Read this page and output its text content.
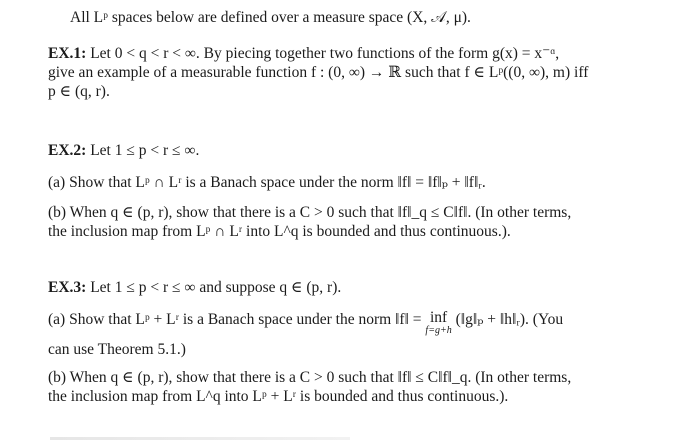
All Lᵖ spaces below are defined over a measure space (X, 𝒜, μ).

EX.1: Let 0 < q < r < ∞. By piecing together two functions of the form g(x) = x⁻ᵅ,
give an example of a measurable function f : (0, ∞) → ℝ such that f ∈ Lᵖ((0, ∞), m) iff
p ∈ (q, r).
EX.2: Let 1 ≤ p < r ≤ ∞.
(a) Show that Lᵖ ∩ Lʳ is a Banach space under the norm ‖f‖ = ‖f‖ₚ + ‖f‖ᵣ.
(b) When q ∈ (p, r), show that there is a C > 0 such that ‖f‖_q ≤ C‖f‖. (In other terms,
the inclusion map from Lᵖ ∩ Lʳ into L^q is bounded and thus continuous.).
EX.3: Let 1 ≤ p < r ≤ ∞ and suppose q ∈ (p, r).
(a) Show that Lᵖ + Lʳ is a Banach space under the norm ‖f‖ = inf
f=g+h
(‖g‖ₚ + ‖h‖ᵣ). (You
can use Theorem 5.1.)
(b) When q ∈ (p, r), show that there is a C > 0 such that ‖f‖ ≤ C‖f‖_q. (In other terms,
the inclusion map from L^q into Lᵖ + Lʳ is bounded and thus continuous.).
